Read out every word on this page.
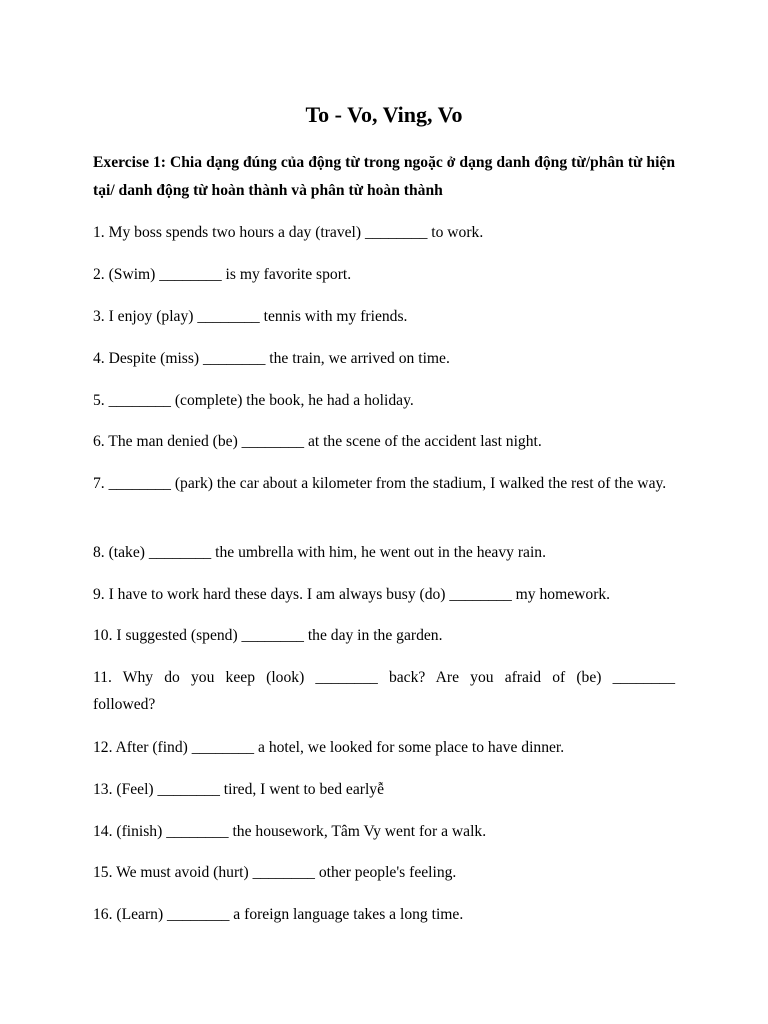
To - Vo, Ving, Vo
Exercise 1: Chia dạng đúng của động từ trong ngoặc ở dạng danh động từ/phân từ hiện tại/ danh động từ hoàn thành và phân từ hoàn thành
1. My boss spends two hours a day (travel) ________ to work.
2. (Swim) ________ is my favorite sport.
3. I enjoy (play) ________ tennis with my friends.
4. Despite (miss) ________ the train, we arrived on time.
5. ________ (complete) the book, he had a holiday.
6. The man denied (be) ________ at the scene of the accident last night.
7. ________ (park) the car about a kilometer from the stadium, I walked the rest of the way.
8. (take) ________ the umbrella with him, he went out in the heavy rain.
9. I have to work hard these days. I am always busy (do) ________ my homework.
10. I suggested (spend) ________ the day in the garden.
11. Why do you keep (look) ________ back? Are you afraid of (be) ________ followed?
12. After (find) ________ a hotel, we looked for some place to have dinner.
13. (Feel) ________ tired, I went to bed earlyễ
14. (finish) ________ the housework, Tâm Vy went for a walk.
15. We must avoid (hurt) ________ other people's feeling.
16. (Learn) ________ a foreign language takes a long time.
